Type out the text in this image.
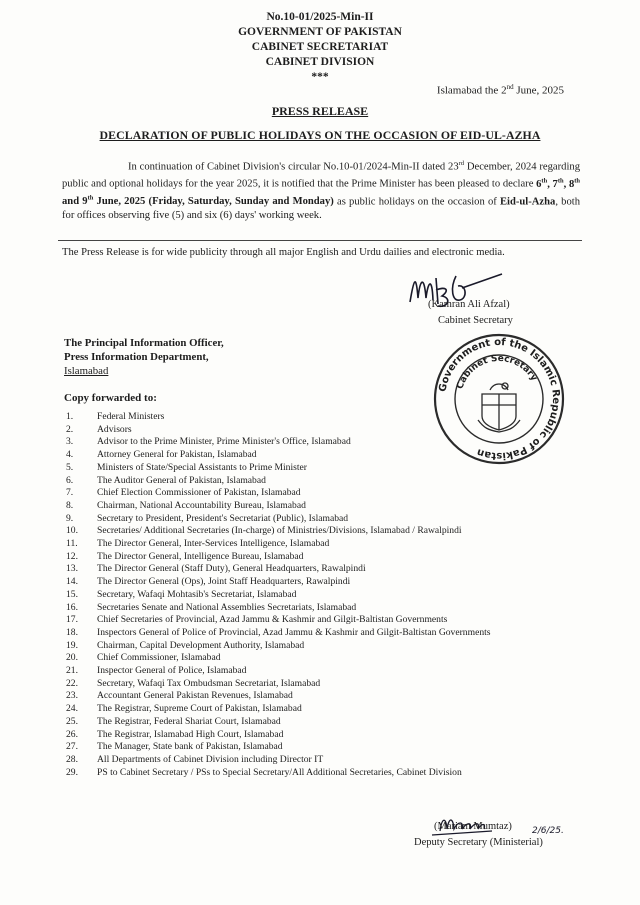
No.10-01/2025-Min-II
GOVERNMENT OF PAKISTAN
CABINET SECRETARIAT
CABINET DIVISION
***
Islamabad the 2nd June, 2025
PRESS RELEASE
DECLARATION OF PUBLIC HOLIDAYS ON THE OCCASION OF EID-UL-AZHA
In continuation of Cabinet Division's circular No.10-01/2024-Min-II dated 23rd December, 2024 regarding public and optional holidays for the year 2025, it is notified that the Prime Minister has been pleased to declare 6th, 7th, 8th and 9th June, 2025 (Friday, Saturday, Sunday and Monday) as public holidays on the occasion of Eid-ul-Azha, both for offices observing five (5) and six (6) days' working week.
The Press Release is for wide publicity through all major English and Urdu dailies and electronic media.
(Kamran Ali Afzal)
Cabinet Secretary
Government of the Islamic Republic of Pakistan
Cabinet Secretary
The Principal Information Officer,
Press Information Department,
Islamabad
Copy forwarded to:
1.	Federal Ministers
2.	Advisors
3.	Advisor to the Prime Minister, Prime Minister's Office, Islamabad
4.	Attorney General for Pakistan, Islamabad
5.	Ministers of State/Special Assistants to Prime Minister
6.	The Auditor General of Pakistan, Islamabad
7.	Chief Election Commissioner of Pakistan, Islamabad
8.	Chairman, National Accountability Bureau, Islamabad
9.	Secretary to President, President's Secretariat (Public), Islamabad
10.	Secretaries/ Additional Secretaries (In-charge) of Ministries/Divisions, Islamabad / Rawalpindi
11.	The Director General, Inter-Services Intelligence, Islamabad
12.	The Director General, Intelligence Bureau, Islamabad
13.	The Director General (Staff Duty), General Headquarters, Rawalpindi
14.	The Director General (Ops), Joint Staff Headquarters, Rawalpindi
15.	Secretary, Wafaqi Mohtasib's Secretariat, Islamabad
16.	Secretaries Senate and National Assemblies Secretariats, Islamabad
17.	Chief Secretaries of Provincial, Azad Jammu & Kashmir and Gilgit-Baltistan Governments
18.	Inspectors General of Police of Provincial, Azad Jammu & Kashmir and Gilgit-Baltistan Governments
19.	Chairman, Capital Development Authority, Islamabad
20.	Chief Commissioner, Islamabad
21.	Inspector General of Police, Islamabad
22.	Secretary, Wafaqi Tax Ombudsman Secretariat, Islamabad
23.	Accountant General Pakistan Revenues, Islamabad
24.	The Registrar, Supreme Court of Pakistan, Islamabad
25.	The Registrar, Federal Shariat Court, Islamabad
26.	The Registrar, Islamabad High Court, Islamabad
27.	The Manager, State bank of Pakistan, Islamabad
28.	All Departments of Cabinet Division including Director IT
29.	PS to Cabinet Secretary / PSs to Special Secretary/All Additional Secretaries, Cabinet Division
2/6/25.
(Mariam Mumtaz)
Deputy Secretary (Ministerial)
